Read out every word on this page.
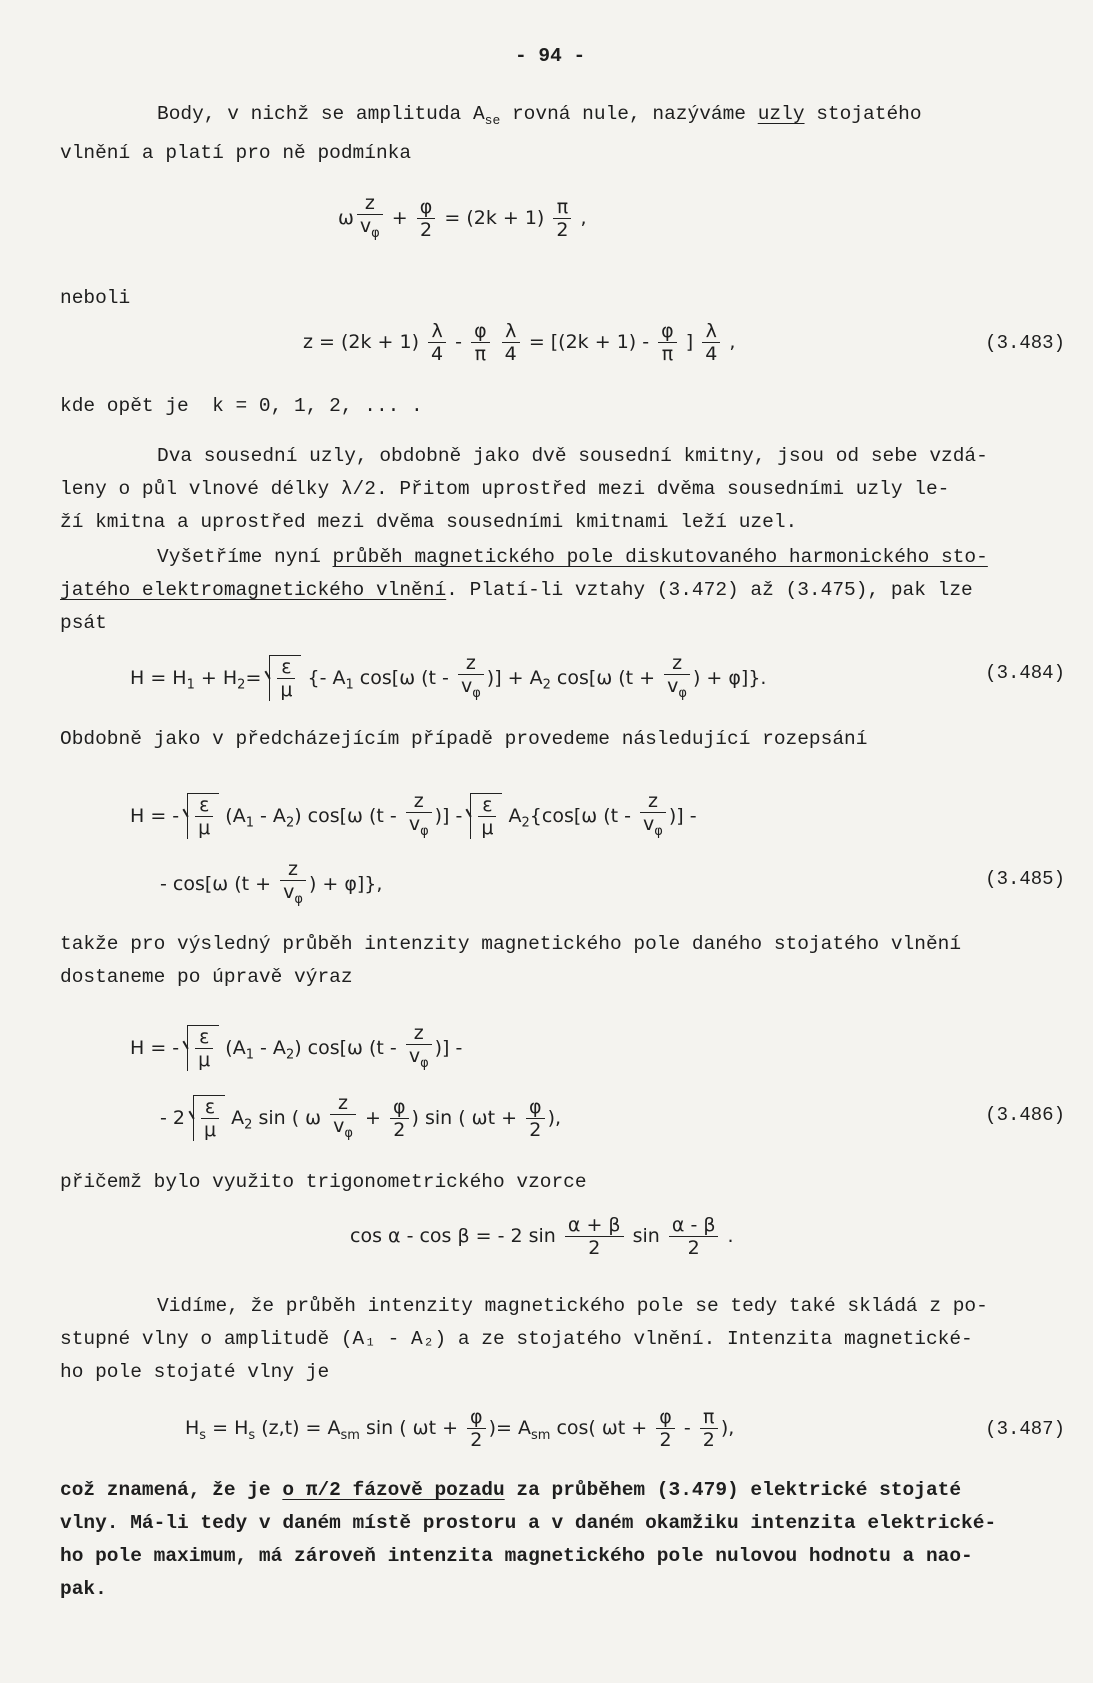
- 94 -
Body, v nichž se amplituda $A_{se}$ rovná nule, nazýváme uzly stojatého
vlnění a platí pro ně podmínka
ω $\frac{z}{v_\varphi} + \frac{\varphi}{2} = (2k + 1) \frac{\pi}{2}$ ,
neboli
$z = (2k + 1) \frac{\lambda}{4} - \frac{\varphi}{\pi}$
$\frac{\lambda}{4} = [(2k + 1) - \frac{\varphi}{\pi}$ ] $\frac{\lambda}{4}$ ,	(3.483)
kde opět je  k = 0, 1, 2, ... .
Dva sousední uzly, obdobně jako dvě sousední kmitny, jsou od sebe vzdá-
leny o půl vlnové délky λ/2. Přitom uprostřed mezi dvěma sousedními uzly le-
ží kmitna a uprostřed mezi dvěma sousedními kmitnami leží uzel.
Vyšetříme nyní průběh magnetického pole diskutovaného harmonického sto-
jatého elektromagnetického vlnění. Platí-li vztahy (3.472) až (3.475), pak lze
psát
$H = H_1 + H_2= \frac{\varepsilon}{\mu}$ {- $A_1$ cos[ω ($t - \frac{z}{v_\varphi}$ )] + $A_2$ cos[ω ($t + \frac{z}{v_\varphi}$ ) + φ]}.	(3.484)
Obdobně jako v předcházejícím případě provedeme následující rozepsání
H = - $\frac{\varepsilon}{\mu} (A_1 - A_2)$ cos[ω ($t - \frac{z}{v_\varphi}$ )] - $\frac{\varepsilon}{\mu} A_2\{\cos[\omega$ ($t - \frac{z}{v_\varphi}$ )] -
- cos[ω ($t + \frac{z}{v_\varphi}$ ) + φ]},	(3.485)
takže pro výsledný průběh intenzity magnetického pole daného stojatého vlnění
dostaneme po úpravě výraz
H = - $\frac{\varepsilon}{\mu} (A_1 - A_2)$ cos[ω ($t - \frac{z}{v_\varphi}$ )] -
- $2 \frac{\varepsilon}{\mu} A_2$ sin ( ω $\frac{z}{v_\varphi} + \frac{\varphi}{2}$ ) sin ( $\omega t + \frac{\varphi}{2}$ ),	(3.486)
přičemž bylo využito trigonometrického vzorce
cos α - cos β = - 2 $\sin \frac{\alpha + \beta}{2}$ $\sin \frac{\alpha - \beta}{2}$ .
Vidíme, že průběh intenzity magnetického pole se tedy také skládá z po-
stupné vlny o amplitudě (A₁ - A₂) a ze stojatého vlnění. Intenzita magnetické-
ho pole stojaté vlny je
$H_s = H_s$ $(z,t) = A_{sm}$ sin ( $\omega t + \frac{\varphi}{2}$ )= $A_{sm}$ cos( $\omega t + \frac{\varphi}{2} - \frac{\pi}{2}$ ),	(3.487)
což znamená, že je o π/2 fázově pozadu za průběhem (3.479) elektrické stojaté
vlny. Má-li tedy v daném místě prostoru a v daném okamžiku intenzita elektrické-
ho pole maximum, má zároveň intenzita magnetického pole nulovou hodnotu a nao-
pak.
